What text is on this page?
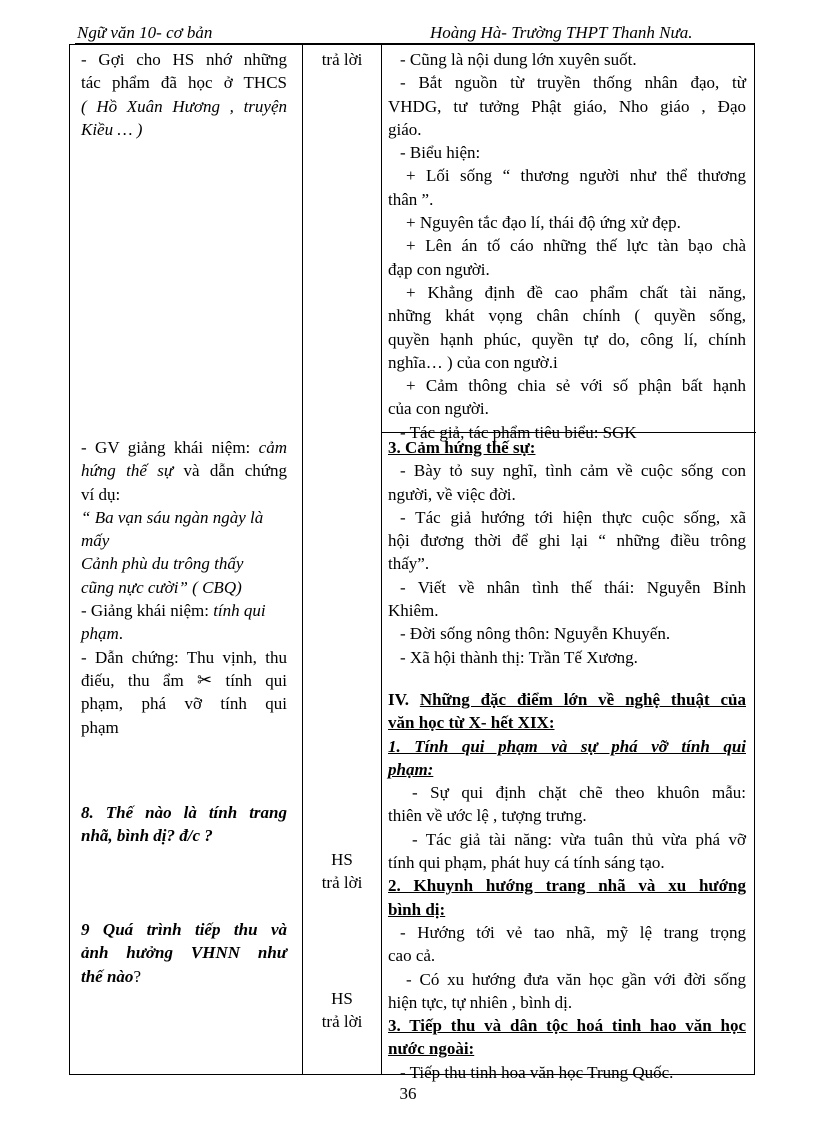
Ngữ văn 10- cơ bản	Hoàng Hà- Trường THPT Thanh Nưa.
- Gợi cho HS nhớ những
tác phẩm đã học ở THCS
( Hồ Xuân Hương , truyện
Kiều … )
- GV giảng khái niệm: cảm
hứng thế sự và dẫn chứng
ví dụ:
“ Ba vạn sáu ngàn ngày là
mấy
Cảnh phù du trông thấy
cũng nực cười” ( CBQ)
- Giảng khái niệm: tính qui
phạm.
- Dẫn chứng: Thu vịnh, thu
điếu, thu ẩm ✂ tính qui
phạm, phá vỡ tính qui
phạm
8. Thế nào là tính trang
nhã, bình dị? đ/c ?
9 Quá trình tiếp thu và
ảnh hưởng VHNN như
thế nào?
trả lời
HS
trả lời
HS
trả lời
- Cũng là nội dung lớn xuyên suốt.
- Bắt nguồn từ truyền thống nhân đạo, từ
VHDG, tư tưởng Phật giáo, Nho giáo , Đạo
giáo.
- Biểu hiện:
+ Lối sống “ thương người như thể thương
thân ”.
+ Nguyên tắc đạo lí, thái độ ứng xử đẹp.
+ Lên án tố cáo những thế lực tàn bạo chà
đạp con người.
+ Khẳng định đề cao phẩm chất tài năng,
những khát vọng chân chính ( quyền sống,
quyền hạnh phúc, quyền tự do, công lí, chính
nghĩa… ) của con ngườ.i
+ Cảm thông chia sẻ với số phận bất hạnh
của con người.
- Tác giả, tác phẩm tiêu biểu: SGK
3. Cảm hứng thế sự:
- Bày tỏ suy nghĩ, tình cảm về cuộc sống con
người, về việc đời.
- Tác giả hướng tới hiện thực cuộc sống, xã
hội đương thời để ghi lại “ những điều trông
thấy”.
- Viết về nhân tình thế thái: Nguyễn Bỉnh
Khiêm.
- Đời sống nông thôn: Nguyễn Khuyến.
- Xã hội thành thị: Trần Tế Xương.
IV. Những đặc điểm lớn về nghệ thuật của
văn học từ X- hết XIX:
1. Tính qui phạm và sự phá vỡ tính qui
phạm:
- Sự qui định chặt chẽ theo khuôn mẫu:
thiên về ước lệ , tượng trưng.
- Tác giả tài năng: vừa tuân thủ vừa phá vỡ
tính qui phạm, phát huy cá tính sáng tạo.
2. Khuynh hướng trang nhã và xu hướng
bình dị:
- Hướng tới vẻ tao nhã, mỹ lệ trang trọng
cao cả.
- Có xu hướng đưa văn học gần với đời sống
hiện tực, tự nhiên , bình dị.
3. Tiếp thu và dân tộc hoá tinh hao văn học
nước ngoài:
- Tiếp thu tinh hoa văn học Trung Quốc.
36
